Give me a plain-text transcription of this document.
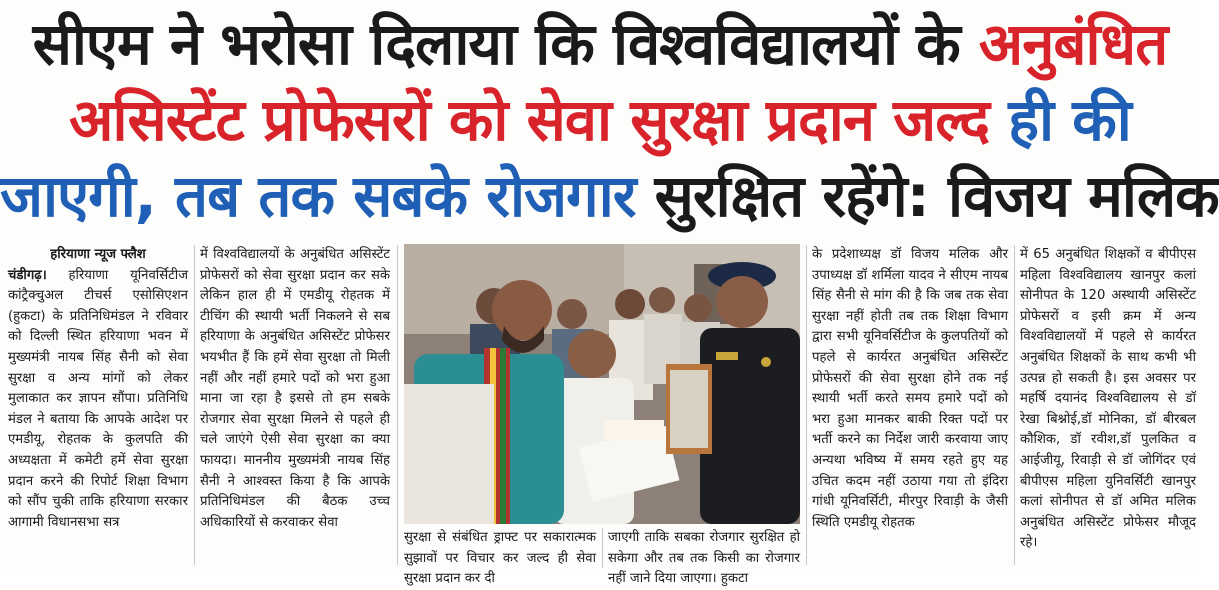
सीएम ने भरोसा दिलाया कि विश्वविद्यालयों के अनुबंधित
असिस्टेंट प्रोफेसरों को सेवा सुरक्षा प्रदान जल्द ही की
जाएगी, तब तक सबके रोजगार सुरक्षित रहेंगे: विजय मलिक
हरियाणा न्यूज फ्लैश
चंडीगढ़। हरियाणा यूनिवर्सिटीज कांट्रैक्चुअल टीचर्स एसोसिएशन (हुकटा) के प्रतिनिधिमंडल ने रविवार को दिल्ली स्थित हरियाणा भवन में मुख्यमंत्री नायब सिंह सैनी को सेवा सुरक्षा व अन्य मांगों को लेकर मुलाकात कर ज्ञापन सौंपा। प्रतिनिधि मंडल ने बताया कि आपके आदेश पर एमडीयू, रोहतक के कुलपति की अध्यक्षता में कमेटी हमें सेवा सुरक्षा प्रदान करने की रिपोर्ट शिक्षा विभाग को सौंप चुकी ताकि हरियाणा सरकार आगामी विधानसभा सत्र
में विश्वविद्यालयों के अनुबंधित असिस्टेंट प्रोफेसरों को सेवा सुरक्षा प्रदान कर सके लेकिन हाल ही में एमडीयू रोहतक में टीचिंग की स्थायी भर्ती निकलने से सब हरियाणा के अनुबंधित असिस्टेंट प्रोफेसर भयभीत हैं कि हमें सेवा सुरक्षा तो मिली नहीं और नहीं हमारे पदों को भरा हुआ माना जा रहा है इससे तो हम सबके रोजगार सेवा सुरक्षा मिलने से पहले ही चले जाएंगे ऐसी सेवा सुरक्षा का क्या फायदा। माननीय मुख्यमंत्री नायब सिंह सैनी ने आश्वस्त किया है कि आपके प्रतिनिधिमंडल की बैठक उच्च अधिकारियों से करवाकर सेवा
सुरक्षा से संबंधित ड्राफ्ट पर सकारात्मक सुझावों पर विचार कर जल्द ही सेवा सुरक्षा प्रदान कर दी
जाएगी ताकि सबका रोजगार सुरक्षित हो सकेगा और तब तक किसी का रोजगार नहीं जाने दिया जाएगा। हुकटा
के प्रदेशाध्यक्ष डॉ विजय मलिक और उपाध्यक्ष डॉ शर्मिला यादव ने सीएम नायब सिंह सैनी से मांग की है कि जब तक सेवा सुरक्षा नहीं होती तब तक शिक्षा विभाग द्वारा सभी यूनिवर्सिटीज के कुलपतियों को पहले से कार्यरत अनुबंधित असिस्टेंट प्रोफेसरों की सेवा सुरक्षा होने तक नई स्थायी भर्ती करते समय हमारे पदों को भरा हुआ मानकर बाकी रिक्त पदों पर भर्ती करने का निर्देश जारी करवाया जाए अन्यथा भविष्य में समय रहते हुए यह उचित कदम नहीं उठाया गया तो इंदिरा गांधी यूनिवर्सिटी, मीरपुर रिवाड़ी के जैसी स्थिति एमडीयू रोहतक
में 65 अनुबंधित शिक्षकों व बीपीएस महिला विश्वविद्यालय खानपुर कलां सोनीपत के 120 अस्थायी असिस्टेंट प्रोफेसरों व इसी क्रम में अन्य विश्वविद्यालयों में पहले से कार्यरत अनुबंधित शिक्षकों के साथ कभी भी उत्पन्न हो सकती है। इस अवसर पर महर्षि दयानंद विश्वविद्यालय से डॉ रेखा बिश्नोई,डॉ मोनिका, डॉ बीरबल कौशिक, डॉ रवीश,डॉ पुलकित व आईजीयू, रिवाड़ी से डॉ जोगिंदर एवं बीपीएस महिला युनिवर्सिटी खानपुर कलां सोनीपत से डॉ अमित मलिक अनुबंधित असिस्टेंट प्रोफेसर मौजूद रहे।
